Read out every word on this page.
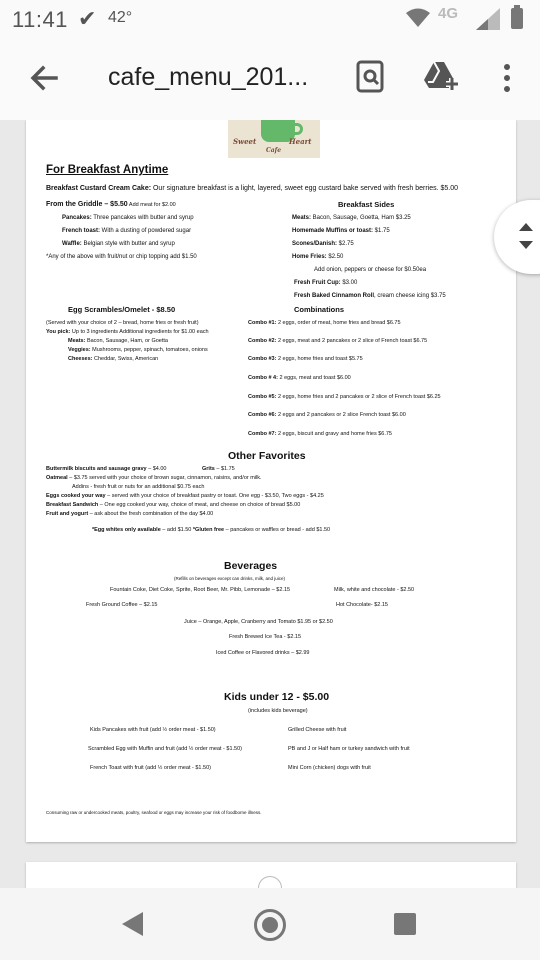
11:41 ✔ 42°	4G
cafe_menu_201...
Sweet	Heart
Cafe
For Breakfast Anytime
Breakfast Custard Cream Cake: Our signature breakfast is a light, layered, sweet egg custard bake served with fresh berries. $5.00
From the Griddle – $5.50 Add meat for $2.00
Pancakes: Three pancakes with butter and syrup
French toast: With a dusting of powdered sugar
Waffle: Belgian style with butter and syrup
*Any of the above with fruit/nut or chip topping add $1.50
Breakfast Sides
Meats: Bacon, Sausage, Goetta, Ham $3.25
Homemade Muffins or toast: $1.75
Scones/Danish: $2.75
Home Fries: $2.50
Add onion, peppers or cheese for $0.50ea
Fresh Fruit Cup: $3.00
Fresh Baked Cinnamon Roll, cream cheese icing $3.75
Egg Scrambles/Omelet - $8.50
(Served with your choice of 2 – bread, home fries or fresh fruit)
You pick: Up to 3 ingredients Additional ingredients for $1.00 each
Meats: Bacon, Sausage, Ham, or Goetta
Veggies: Mushrooms, pepper, spinach, tomatoes, onions
Cheeses: Cheddar, Swiss, American
Combinations
Combo #1: 2 eggs, order of meat, home fries and bread $6.75
Combo #2: 2 eggs, meat and 2 pancakes or 2 slice of French toast $6.75
Combo #3: 2 eggs, home fries and toast $5.75
Combo # 4: 2 eggs, meat and toast $6.00
Combo #5: 2 eggs, home fries and 2 pancakes or 2 slice of French toast $6.25
Combo #6: 2 eggs and 2 pancakes or 2 slice French toast $6.00
Combo #7: 2 eggs, biscuit and gravy and home fries $6.75
Other Favorites
Buttermilk biscuits and sausage gravy – $4.00	Grits – $1.75
Oatmeal – $3.75 served with your choice of brown sugar, cinnamon, raisins, and/or milk.
Addins - fresh fruit or nuts for an additional $0.75 each
Eggs cooked your way – served with your choice of breakfast pastry or toast. One egg - $3.50, Two eggs - $4.25
Breakfast Sandwich – One egg cooked your way, choice of meat, and cheese on choice of bread $5.00
Fruit and yogurt – ask about the fresh combination of the day $4.00
*Egg whites only available – add $1.50 *Gluten free – pancakes or waffles or bread - add $1.50
Beverages
(Refills on beverages except can drinks, milk, and juice)
Fountain Coke, Diet Coke, Sprite, Root Beer, Mr. Pibb, Lemonade – $2.15	Milk, white and chocolate - $2.50
Fresh Ground Coffee – $2.15	Hot Chocolate- $2.15
Juice – Orange, Apple, Cranberry and Tomato $1.95 or $2.50
Fresh Brewed Ice Tea - $2.15
Iced Coffee or Flavored drinks – $2.99
Kids under 12 - $5.00
(includes kids beverage)
Kids Pancakes with fruit (add ½ order meat - $1.50)	Grilled Cheese with fruit
Scrambled Egg with Muffin and fruit (add ½ order meat - $1.50)	PB and J or Half ham or turkey sandwich with fruit
French Toast with fruit (add ½ order meat - $1.50)	Mini Corn (chicken) dogs with fruit
Consuming raw or undercooked meats, poultry, seafood or eggs may increase your risk of foodborne illness.
